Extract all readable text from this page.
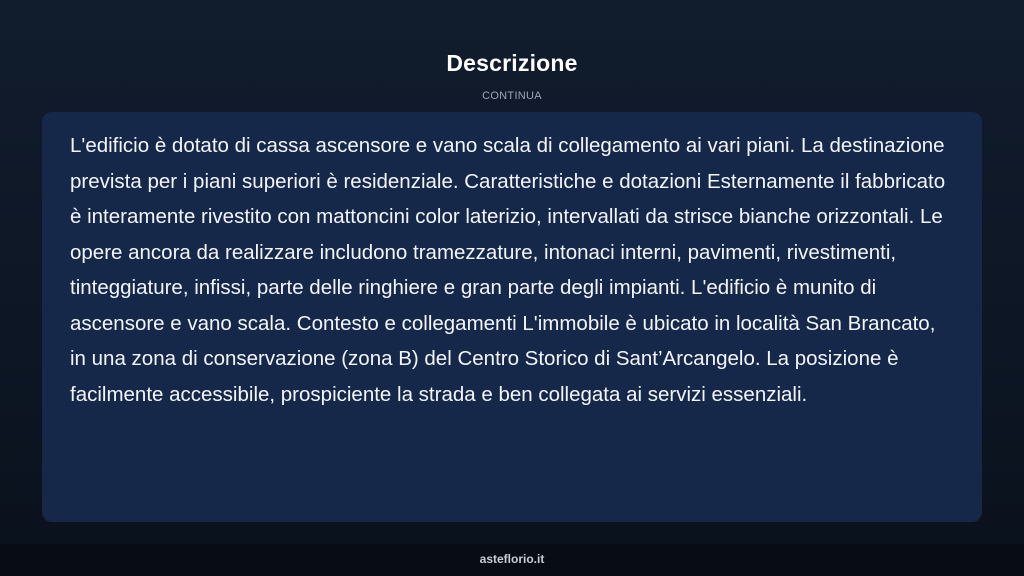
Descrizione
CONTINUA

L'edificio è dotato di cassa ascensore e vano scala di collegamento ai vari piani. La destinazione prevista per i piani superiori è residenziale. Caratteristiche e dotazioni Esternamente il fabbricato è interamente rivestito con mattoncini color laterizio, intervallati da strisce bianche orizzontali. Le opere ancora da realizzare includono tramezzature, intonaci interni, pavimenti, rivestimenti, tinteggiature, infissi, parte delle ringhiere e gran parte degli impianti. L'edificio è munito di ascensore e vano scala. Contesto e collegamenti L'immobile è ubicato in località San Brancato, in una zona di conservazione (zona B) del Centro Storico di Sant’Arcangelo. La posizione è facilmente accessibile, prospiciente la strada e ben collegata ai servizi essenziali.

asteflorio.it
